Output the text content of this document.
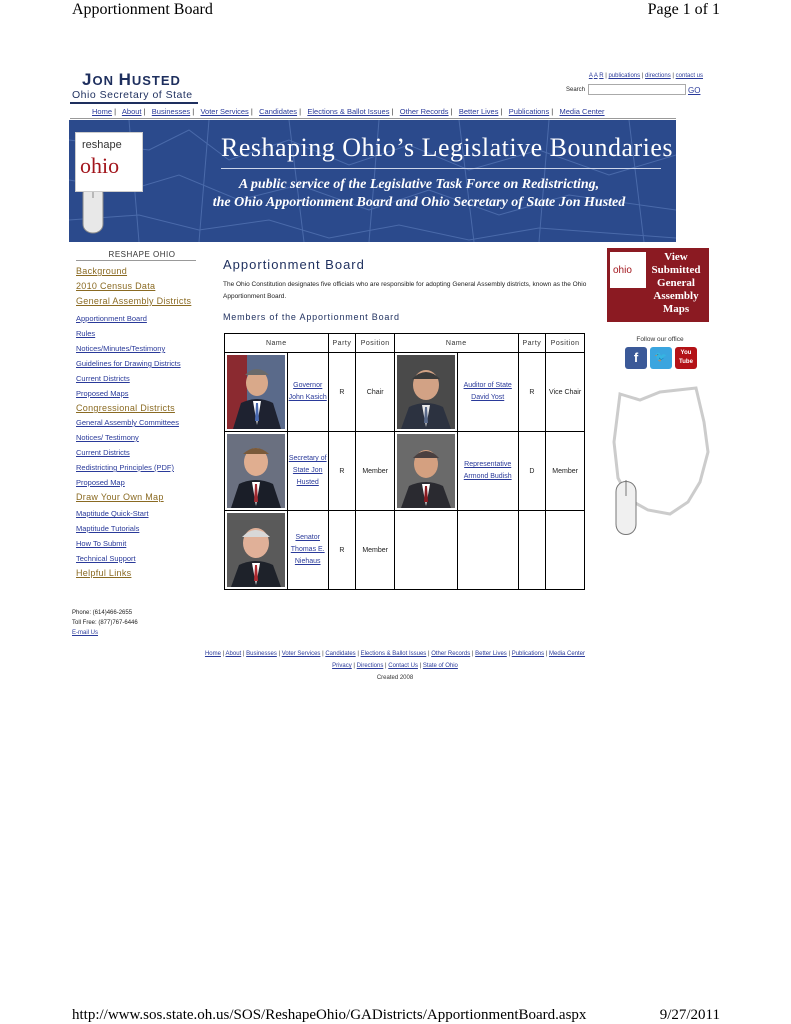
Apportionment Board	Page 1 of 1
http://www.sos.state.oh.us/SOS/ReshapeOhio/GADistricts/ApportionmentBoard.aspx	9/27/2011
JON HUSTED
Ohio Secretary of State
A A R | publications | directions | contact us
Search	GO
Home |   About |   Businesses |   Voter Services |   Candidates |   Elections & Ballot Issues |   Other Records |   Better Lives |   Publications |   Media Center
reshape
ohio
Reshaping Ohio’s Legislative Boundaries
A public service of the Legislative Task Force on Redistricting,
the Ohio Apportionment Board and Ohio Secretary of State Jon Husted
RESHAPE OHIO
Background
2010 Census Data
General Assembly Districts
Apportionment Board
Rules
Notices/Minutes/Testimony
Guidelines for Drawing Districts
Current Districts
Proposed Maps
Congressional Districts
General Assembly Committees
Notices/ Testimony
Current Districts
Redistricting Principles (PDF)
Proposed Map
Draw Your Own Map
Maptitude Quick-Start
Maptitude Tutorials
How To Submit
Technical Support
Helpful Links
Phone: (614)466-2655
Toll Free: (877)767-6446
E-mail Us
Apportionment Board
The Ohio Constitution designates five officials who are responsible for adopting General Assembly districts, known as the Ohio Apportionment Board.
Members of the Apportionment Board
Name		Party	Position	Name		Party	Position

	Governor John Kasich	R	Chair		Auditor of State David Yost	R	Vice Chair

	Secretary of State Jon Husted	R	Member		Representative Armond Budish	D	Member

	Senator Thomas E. Niehaus	R	Member				
ohio
View Submitted General Assembly Maps
Follow our office
f	🐦	You Tube
Home | About | Businesses | Voter Services | Candidates | Elections & Ballot Issues | Other Records | Better Lives | Publications | Media Center
Privacy | Directions | Contact Us | State of Ohio
Created 2008
